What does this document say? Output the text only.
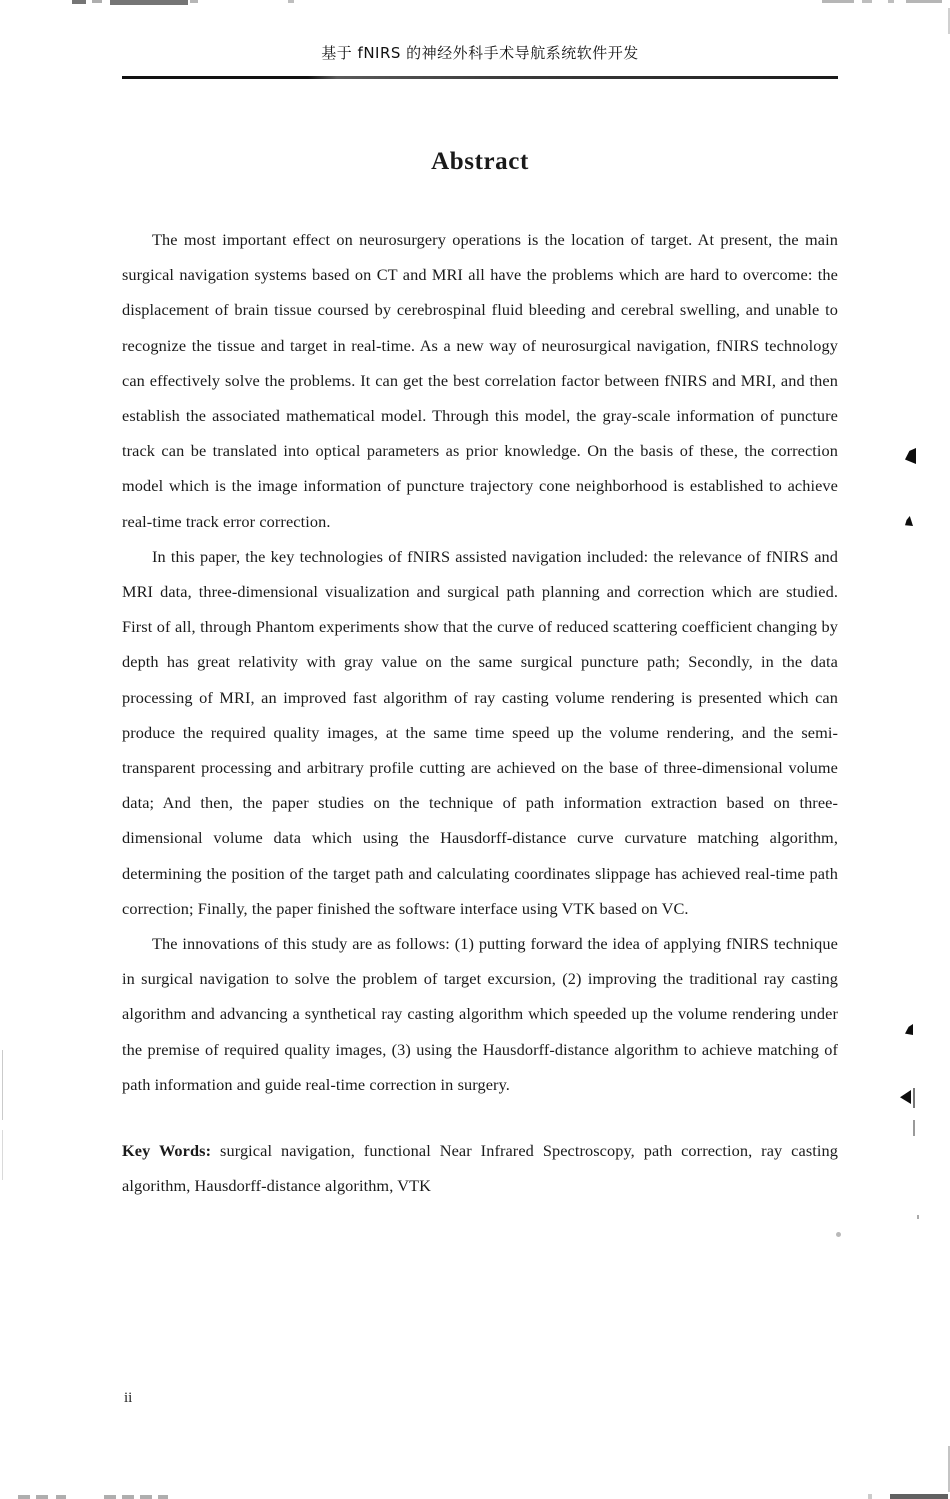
基于 fNIRS 的神经外科手术导航系统软件开发
Abstract

The most important effect on neurosurgery operations is the location of target. At present, the main surgical navigation systems based on CT and MRI all have the problems which are hard to overcome: the displacement of brain tissue coursed by cerebrospinal fluid bleeding and cerebral swelling, and unable to recognize the tissue and target in real-time. As a new way of neurosurgical navigation, fNIRS technology can effectively solve the problems. It can get the best correlation factor between fNIRS and MRI, and then establish the associated mathematical model. Through this model, the gray-scale information of puncture track can be translated into optical parameters as prior knowledge. On the basis of these, the correction model which is the image information of puncture trajectory cone neighborhood is established to achieve real-time track error correction.

In this paper, the key technologies of fNIRS assisted navigation included: the relevance of fNIRS and MRI data, three-dimensional visualization and surgical path planning and correction which are studied. First of all, through Phantom experiments show that the curve of reduced scattering coefficient changing by depth has great relativity with gray value on the same surgical puncture path; Secondly, in the data processing of MRI, an improved fast algorithm of ray casting volume rendering is presented which can produce the required quality images, at the same time speed up the volume rendering, and the semi-transparent processing and arbitrary profile cutting are achieved on the base of three-dimensional volume data; And then, the paper studies on the technique of path information extraction based on three-dimensional volume data which using the Hausdorff-distance curve curvature matching algorithm, determining the position of the target path and calculating coordinates slippage has achieved real-time path correction; Finally, the paper finished the software interface using VTK based on VC.

The innovations of this study are as follows: (1) putting forward the idea of applying fNIRS technique in surgical navigation to solve the problem of target excursion, (2) improving the traditional ray casting algorithm and advancing a synthetical ray casting algorithm which speeded up the volume rendering under the premise of required quality images, (3) using the Hausdorff-distance algorithm to achieve matching of path information and guide real-time correction in surgery.

Key Words: surgical navigation, functional Near Infrared Spectroscopy, path correction, ray casting algorithm, Hausdorff-distance algorithm, VTK

ii
